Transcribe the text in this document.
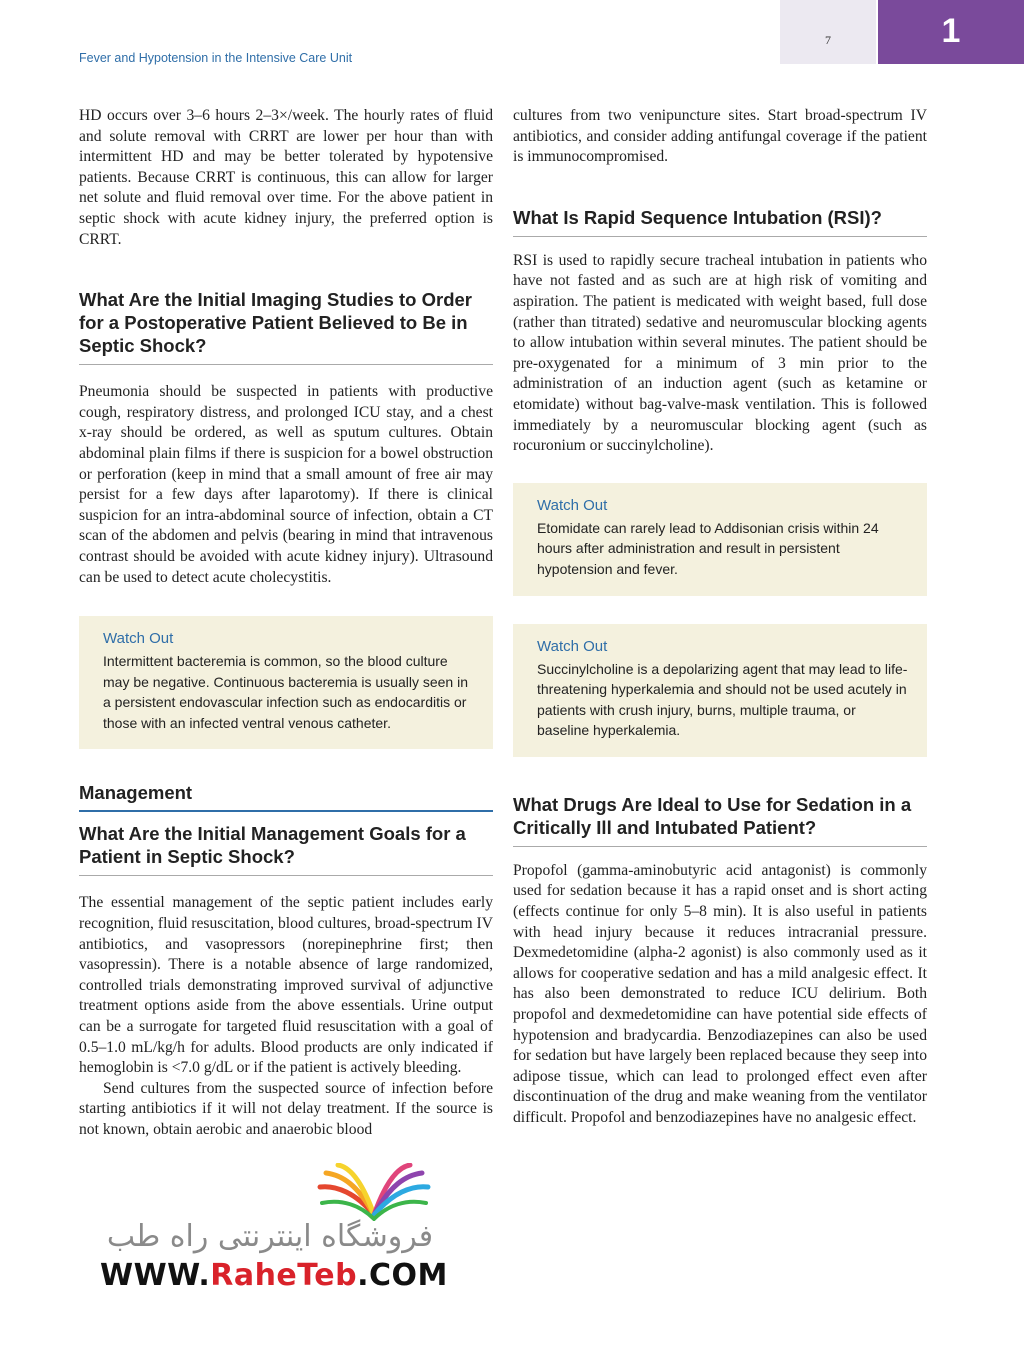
Fever and Hypotension in the Intensive Care Unit
7	1

HD occurs over 3–6 hours 2–3×/week. The hourly rates of fluid and solute removal with CRRT are lower per hour than with intermittent HD and may be better tolerated by hypotensive patients. Because CRRT is continuous, this can allow for larger net solute and fluid removal over time. For the above patient in septic shock with acute kidney injury, the preferred option is CRRT.

What Are the Initial Imaging Studies to Order for a Postoperative Patient Believed to Be in Septic Shock?

Pneumonia should be suspected in patients with productive cough, respiratory distress, and prolonged ICU stay, and a chest x-ray should be ordered, as well as sputum cultures. Obtain abdominal plain films if there is suspicion for a bowel obstruction or perforation (keep in mind that a small amount of free air may persist for a few days after laparotomy). If there is clinical suspicion for an intra-abdominal source of infection, obtain a CT scan of the abdomen and pelvis (bearing in mind that intravenous contrast should be avoided with acute kidney injury). Ultrasound can be used to detect acute cholecystitis.

Watch Out

Intermittent bacteremia is common, so the blood culture may be negative. Continuous bacteremia is usually seen in a persistent endovascular infection such as endocarditis or those with an infected ventral venous catheter.

Management
What Are the Initial Management Goals for a Patient in Septic Shock?

The essential management of the septic patient includes early recognition, fluid resuscitation, blood cultures, broad-spectrum IV antibiotics, and vasopressors (norepinephrine first; then vasopressin). There is a notable absence of large randomized, controlled trials demonstrating improved survival of adjunctive treatment options aside from the above essentials. Urine output can be a surrogate for targeted fluid resuscitation with a goal of 0.5–1.0 mL/kg/h for adults. Blood products are only indicated if hemoglobin is <7.0 g/dL or if the patient is actively bleeding.

Send cultures from the suspected source of infection before starting antibiotics if it will not delay treatment. If the source is not known, obtain aerobic and anaerobic blood

cultures from two venipuncture sites. Start broad-spectrum IV antibiotics, and consider adding antifungal coverage if the patient is immunocompromised.

What Is Rapid Sequence Intubation (RSI)?

RSI is used to rapidly secure tracheal intubation in patients who have not fasted and as such are at high risk of vomiting and aspiration. The patient is medicated with weight based, full dose (rather than titrated) sedative and neuromuscular blocking agents to allow intubation within several minutes. The patient should be pre-oxygenated for a minimum of 3 min prior to the administration of an induction agent (such as ketamine or etomidate) without bag-valve-mask ventilation. This is followed immediately by a neuromuscular blocking agent (such as rocuronium or succinylcholine).

Watch Out

Etomidate can rarely lead to Addisonian crisis within 24 hours after administration and result in persistent hypotension and fever.

Watch Out

Succinylcholine is a depolarizing agent that may lead to life-threatening hyperkalemia and should not be used acutely in patients with crush injury, burns, multiple trauma, or baseline hyperkalemia.

What Drugs Are Ideal to Use for Sedation in a Critically Ill and Intubated Patient?

Propofol (gamma-aminobutyric acid antagonist) is commonly used for sedation because it has a rapid onset and is short acting (effects continue for only 5–8 min). It is also useful in patients with head injury because it reduces intracranial pressure. Dexmedetomidine (alpha-2 agonist) is also commonly used as it allows for cooperative sedation and has a mild analgesic effect. It has also been demonstrated to reduce ICU delirium. Both propofol and dexmedetomidine can have potential side effects of hypotension and bradycardia. Benzodiazepines can also be used for sedation but have largely been replaced because they seep into adipose tissue, which can lead to prolonged effect even after discontinuation of the drug and make weaning from the ventilator difficult. Propofol and benzodiazepines have no analgesic effect.

فروشگاه اینترنتی راه طب
WWW.RaheTeb.COM
